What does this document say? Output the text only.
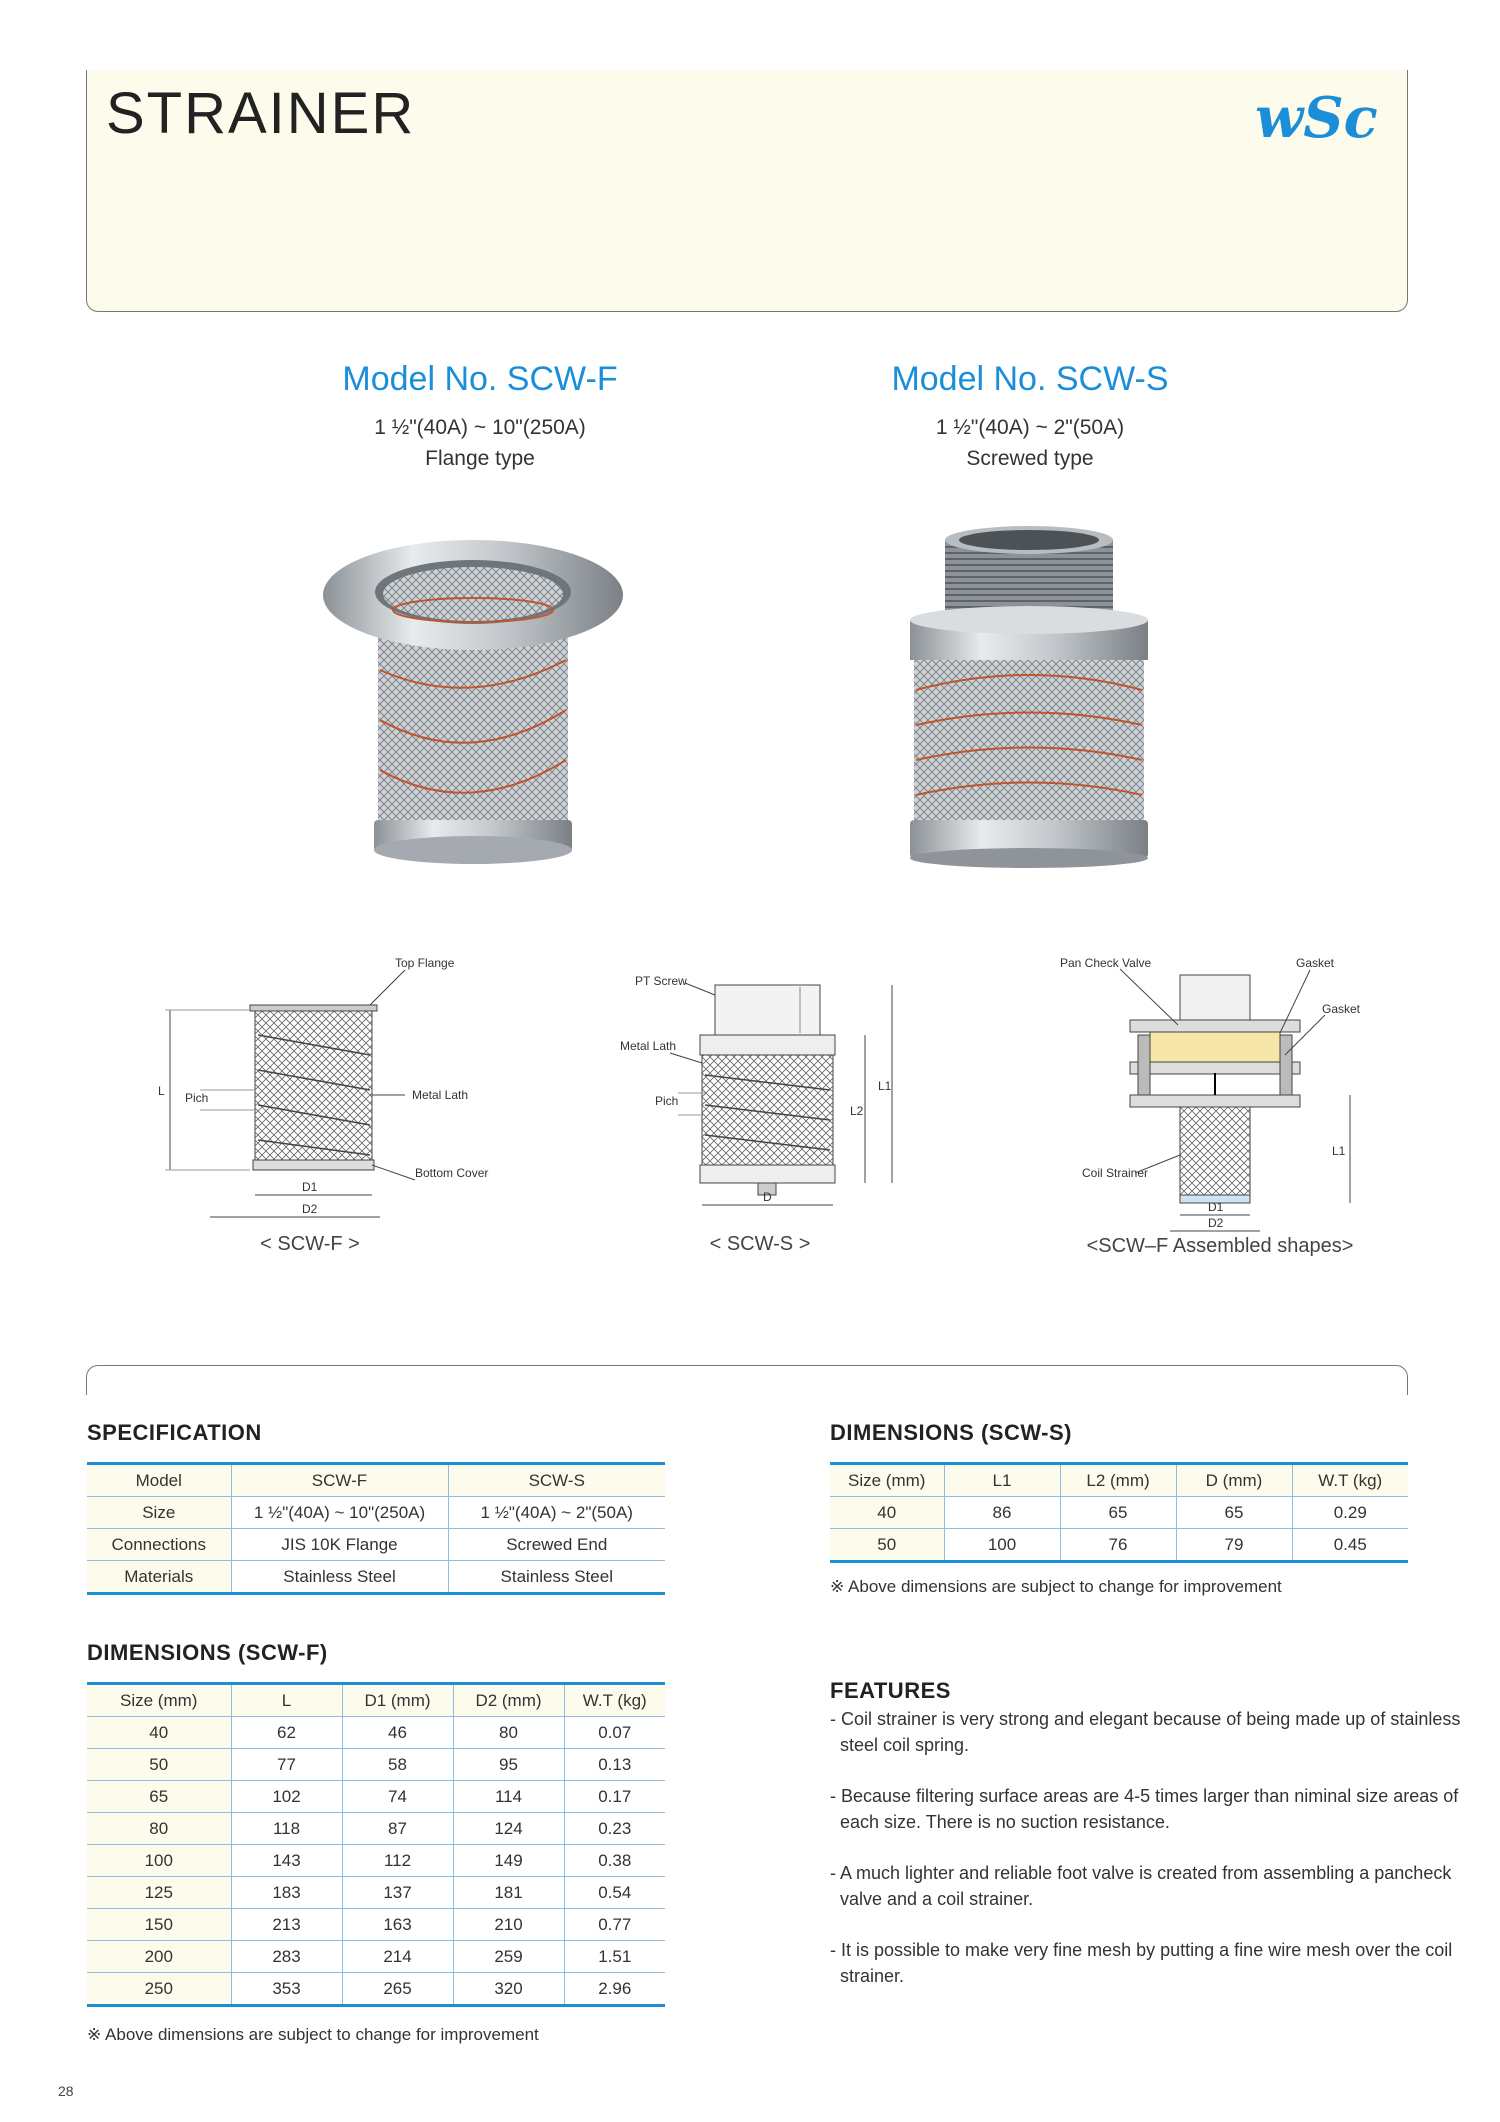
STRAINER	wSc
Model No. SCW-F
1 ½"(40A) ~ 10"(250A)
Flange type
Model No. SCW-S
1 ½"(40A) ~ 2"(50A)
Screwed type
L Pich
Top Flange
Metal Lath
Bottom Cover
D1
D2
< SCW-F >
PT Screw
Metal Lath
Pich
L2
L1
D
< SCW-S >
Pan Check Valve	Gasket
Gasket
L1
Coil Strainer
D1
D2
<SCW–F Assembled shapes>
SPECIFICATION
Model	SCW-F	SCW-S
Size	1 ½"(40A) ~ 10"(250A)	1 ½"(40A) ~ 2"(50A)
Connections	JIS 10K Flange	Screwed End
Materials	Stainless Steel	Stainless Steel
DIMENSIONS (SCW-F)
Size (mm)	L	D1 (mm)	D2 (mm)	W.T (kg)
40	62	46	80	0.07
50	77	58	95	0.13
65	102	74	114	0.17
80	118	87	124	0.23
100	143	112	149	0.38
125	183	137	181	0.54
150	213	163	210	0.77
200	283	214	259	1.51
250	353	265	320	2.96
※ Above dimensions are subject to change for improvement
DIMENSIONS (SCW-S)
Size (mm)	L1	L2 (mm)	D (mm)	W.T (kg)
40	86	65	65	0.29
50	100	76	79	0.45
※ Above dimensions are subject to change for improvement
FEATURES
- Coil strainer is very strong and elegant because of being made up of stainless
steel coil spring.
- Because filtering surface areas are 4-5 times larger than niminal size areas of
each size. There is no suction resistance.
- A much lighter and reliable foot valve is created from assembling a pancheck
valve and a coil strainer.
- It is possible to make very fine mesh by putting a fine wire mesh over the coil
strainer.
28
